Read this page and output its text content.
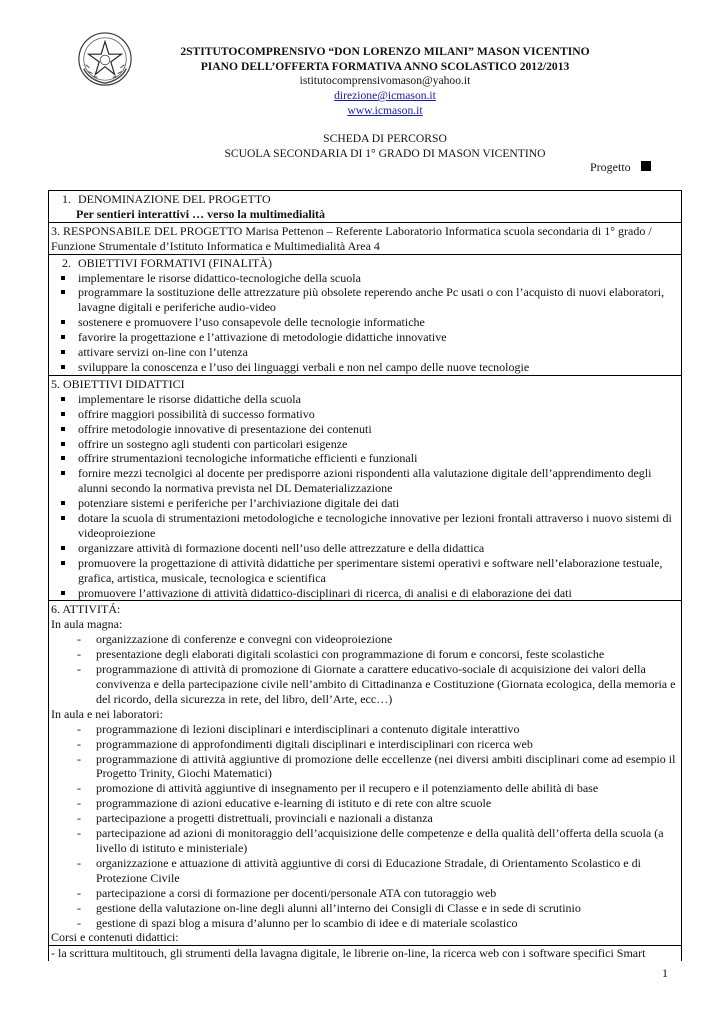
2STITUTOCOMPRENSIVO “DON LORENZO MILANI” MASON VICENTINO
PIANO DELL’OFFERTA FORMATIVA ANNO SCOLASTICO 2012/2013
istitutocomprensivomason@yahoo.it
direzione@icmason.it
www.icmason.it
SCHEDA DI PERCORSO
SCUOLA SECONDARIA DI 1° GRADO DI MASON VICENTINO
Progetto
1. DENOMINAZIONE DEL PROGETTO
Per sentieri interattivi … verso la multimedialità
3. RESPONSABILE DEL PROGETTO Marisa Pettenon – Referente Laboratorio Informatica scuola secondaria di 1° grado / Funzione Strumentale d’Istituto Informatica e Multimedialità Area 4
2. OBIETTIVI FORMATIVI (FINALITÀ)
implementare le risorse didattico-tecnologiche della scuola
programmare la sostituzione delle attrezzature più obsolete reperendo anche Pc usati o con l’acquisto di nuovi elaboratori, lavagne digitali e periferiche audio-video
sostenere e promuovere l’uso consapevole delle tecnologie informatiche
favorire la progettazione e l’attivazione di metodologie didattiche innovative
attivare servizi on-line con l’utenza
sviluppare la conoscenza e l’uso dei linguaggi verbali e non nel campo delle nuove tecnologie
5. OBIETTIVI DIDATTICI
implementare le risorse didattiche della scuola
offrire maggiori possibilità di successo formativo
offrire metodologie innovative di presentazione dei contenuti
offrire un sostegno agli studenti con particolari esigenze
offrire strumentazioni tecnologiche informatiche efficienti e funzionali
fornire mezzi tecnolgici al docente per predisporre azioni rispondenti alla valutazione digitale dell’apprendimento degli alunni secondo la normativa prevista nel DL Dematerializzazione
potenziare sistemi e periferiche per l’archiviazione digitale dei dati
dotare la scuola di strumentazioni metodologiche e tecnologiche innovative per lezioni frontali attraverso i nuovo sistemi di videoproiezione
organizzare attività di formazione docenti nell’uso delle attrezzature e della didattica
promuovere la progettazione di attività didattiche per sperimentare sistemi operativi e software nell’elaborazione testuale, grafica, artistica, musicale, tecnologica e scientifica
promuovere l’attivazione di attività didattico-disciplinari di ricerca, di analisi e di elaborazione dei dati
6. ATTIVITÁ:
In aula magna:
- organizzazione di conferenze e convegni con videoproiezione
- presentazione degli elaborati digitali scolastici con programmazione di forum e concorsi, feste scolastiche
- programmazione di attività di promozione di Giornate a carattere educativo-sociale di acquisizione dei valori della convivenza e della partecipazione civile nell’ambito di Cittadinanza e Costituzione (Giornata ecologica, della memoria e del ricordo, della sicurezza in rete, del libro, dell’Arte, ecc…)
In aula e nei laboratori:
- programmazione di lezioni disciplinari e interdisciplinari a contenuto digitale interattivo
- programmazione di approfondimenti digitali disciplinari e interdisciplinari con ricerca web
- programmazione di attività aggiuntive di promozione delle eccellenze (nei diversi ambiti disciplinari come ad esempio il Progetto Trinity, Giochi Matematici)
- promozione di attività aggiuntive di insegnamento per il recupero e il potenziamento delle abilità di base
- programmazione di azioni educative e-learning di istituto e di rete con altre scuole
- partecipazione a progetti distrettuali, provinciali e nazionali a distanza
- partecipazione ad azioni di monitoraggio dell’acquisizione delle competenze e della qualità dell’offerta della scuola (a livello di istituto e ministeriale)
- organizzazione e attuazione di attività aggiuntive di corsi di Educazione Stradale, di Orientamento Scolastico e di Protezione Civile
- partecipazione a corsi di formazione per docenti/personale ATA con tutoraggio web
- gestione della valutazione on-line degli alunni all’interno dei Consigli di Classe e in sede di scrutinio
- gestione di spazi blog a misura d’alunno per lo scambio di idee e di materiale scolastico
Corsi e contenuti didattici:
- la scrittura multitouch, gli strumenti della lavagna digitale, le librerie on-line, la ricerca web con i software specifici Smart
1
